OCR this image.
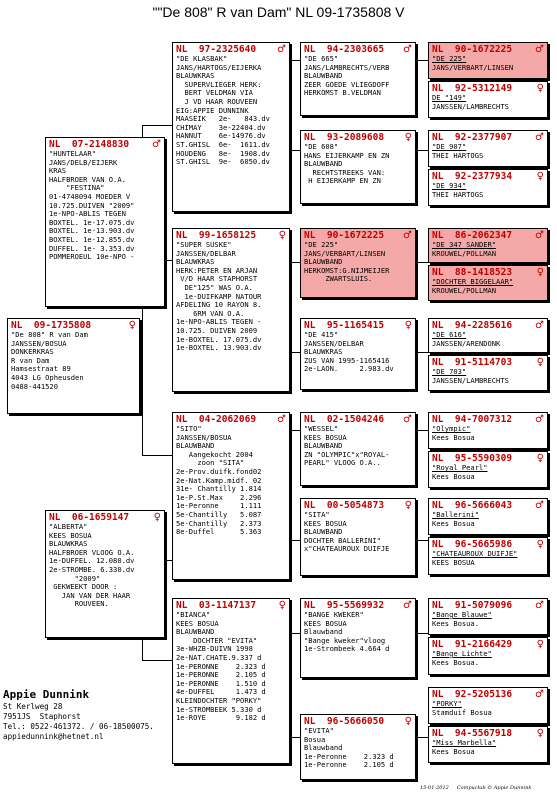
""De 808" R van Dam" NL 09-1735808 V
NL  09-1735808	♀
"De 808" R van Dam
JANSSEN/BOSUA
DONKERKRAS
R van Dam
Hamsestraat 89
4043 LG Opheusden
0488-441520
NL  07-2148830 ♂
"HUNTELAAR"
JANS/DELB/EIJERK
KRAS
HALFBROER VAN O.A.
"FESTINA"
01-4748094 MOEDER V
10.725.DUIVEN "2009"
1e-NPO-ABLIS TEGEN
BOXTEL. 1e-17.075.dv
BOXTEL. 1e-13.903.dv
BOXTEL. 1e-12.855.dv
DUFFEL. 1e- 3.353.dv
POMMEROEUL 10e-NPO -
NL  06-1659147 ♀
"ALBERTA"
KEES BOSUA
BLAUWKRAS
HALFBROER VLOOG O.A.
1e-DUFFEL. 12.080.dv
2e-STROMBE. 6.330.dv
"2009"
GEKWEEKT DOOR :
JAN VAN DER HAAR
ROUVEEN.
NL  97-2325640 ♂
"DE KLASBAK"
JANS/HARTOGS/EIJERKA
BLAUWKRAS
SUPERVLIEGER HERK:
BERT VELDMAN VIA
J VD HAAR ROUVEEN
EIG:APPIE DUNNINK
MAASEIK   2e-   843.dv
CHIMAY    3e-22404.dv
HANNUT    6e-14976.dv
ST.GHISL  6e-  1611.dv
HOUDENG   8e-  1908.dv
ST.GHISL  9e-  6050.dv
NL  99-1658125 ♀
"SUPER SUSKE"
JANSSEN/DELBAR
BLAUWKRAS
HERK:PETER EN ARJAN
V/D HAAR STAPHORST
DE"125" WAS O.A.
1e-DUIFKAMP NATOUR
AFDELING 10 RAYON 8.
6RM VAN O.A.
1e-NPO-ABLIS TEGEN -
10.725. DUIVEN 2009
1e-BOXTEL. 17.075.dv
1e-BOXTEL. 13.903.dv
NL  04-2062069 ♂
"SITO"
JANSSEN/BOSUA
BLAUWBAND
Aangekocht 2004
zoon "SITA"
2e-Prov.duifk.fond02
2e-Nat.Kamp.midf. 02
31e- Chantilly 1.814
1e-P.St.Max    2.296
1e-Peronne     1.111
5e-Chantilly   5.087
5e-Chantilly   2.373
8e-Duffel      5.363
NL  03-1147137 ♀
"BIANCA"
KEES BOSUA
BLAUWBAND
DOCHTER "EVITA"
3e-WHZB-DUIVN 1998
2e-NAT.CHATE.9.337 d
1e-PERONNE    2.323 d
1e-PERONNE    2.105 d
1e-PERONNE    1.510 d
4e-DUFFEL     1.473 d
KLEINDOCHTER "PORKY"
1e-STROMBEEK 5.330 d
1e-ROYE       9.182 d
NL  94-2303665 ♂
"DE 665"
JANS/LAMBRECHTS/VERB
BLAUWBAND
ZEER GOEDE VLIEGDOFF
HERKOMST B.VELDMAN
NL  93-2089608 ♀
"DE 608"
HANS EIJERKAMP EN ZN
BLAUWBAND
RECHTSTREEKS VAN:
H EIJERKAMP EN ZN
NL  90-1672225 ♂
"DE 225"
JANS/VERBART/LINSEN
BLAUWBAND
HERKOMST:G.NIJMEIJER
ZWARTSLUIS.
NL  95-1165415 ♀
"DE 415"
JANSSEN/DELBAR
BLAUWKRAS
ZUS VAN 1995-1165416
2e-LAON.     2.983.dv
NL  02-1504246 ♂
"WESSEL"
KEES BOSUA
BLAUWBAND
ZN "OLYMPIC"x"ROYAL-
PEARL" VLOOG O.A..
NL  00-5054873 ♀
"SITA"
KEES BOSUA
BLAUWBAND
DOCHTER BALLERINI"
x"CHATEAUROUX DUIFJE
NL  95-5569932 ♂
"BANGE KWEKER"
KEES BOSUA
Blauwband
"Bange kweker"vloog
1e-Strombeek 4.664 d
NL  96-5666050 ♀
"EVITA"
Bosua
Blauwband
1e-Peronne    2.323 d
1e-Peronne    2.105 d
NL  90-1672225 ♂
"DE 225"
JANS/VERBART/LINSEN
NL  92-5312149 ♀
DE "149"
JANSSEN/LAMBRECHTS
NL  92-2377907 ♂
"DE 907"
THEI HARTOGS
NL  92-2377934 ♀
"DE 934"
THEI HARTOGS
NL  86-2062347 ♂
"DE 347 SANDER"
KROUWEL/POLLMAN
NL  88-1418523 ♀
"DOCHTER BIGGELAAR"
KROUWEL/POLLMAN
NL  94-2285616 ♂
"DE 616"
JANSSEN/ARENDONK
NL  91-5114703 ♀
"DE 703"
JANSSEN/LAMBRECHTS
NL  94-7007312 ♂
"Olympic"
Kees Bosua
NL  95-5590309 ♀
"Royal Pearl"
Kees Bosua
NL  96-5666043 ♂
"Ballerini"
Kees Bosua
NL  96-5665986 ♀
"CHATEAUROUX DUIFJE"
KEES BOSUA
NL  91-5079096 ♂
"Bange Blauwe"
Kees Bosua.
NL  91-2166429 ♀
"Bange Lichte"
Kees Bosua.
NL  92-5205136 ♂
"PORKY"
Stamduif Bosua
NL  94-5567918 ♀
"Miss Marbella"
Kees Bosua
Appie Dunnink
St Kerlweg 28
7951JS  Staphorst
Tel.: 0522-461372. / 06-18500075.
appiedunnink@hetnet.nl
15-01-2012     Compuclub © Appie Dunnink
